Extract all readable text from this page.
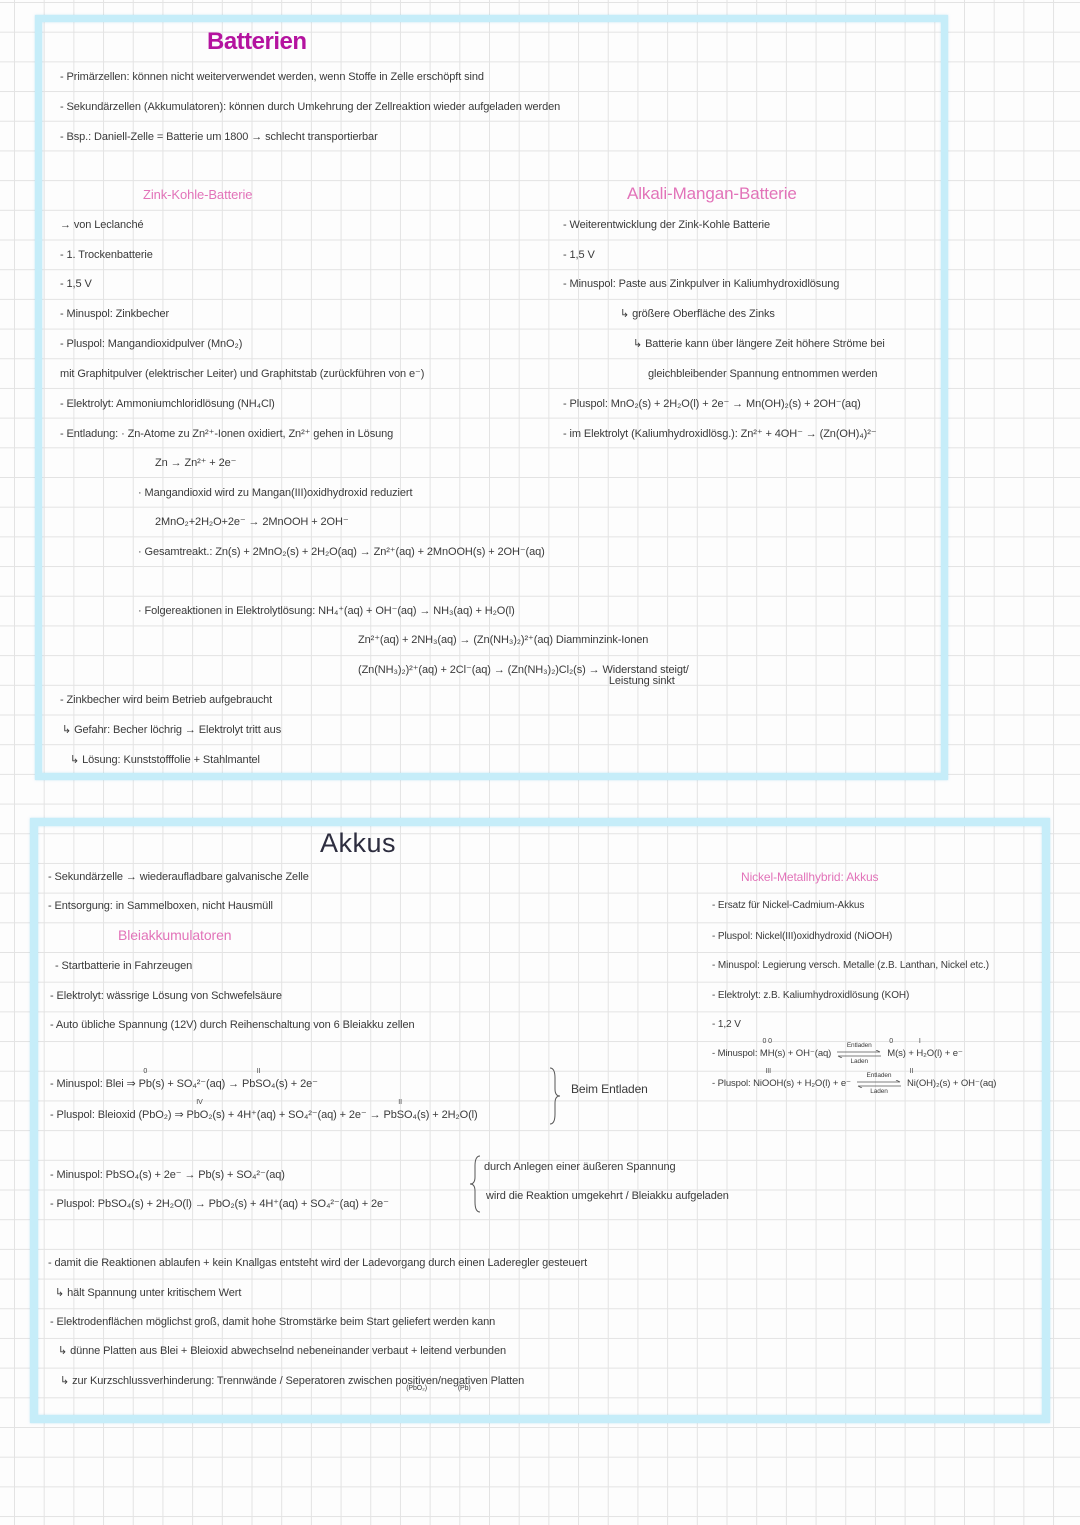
Batterien
- Primärzellen: können nicht weiterverwendet werden, wenn Stoffe in Zelle erschöpft sind
- Sekundärzellen (Akkumulatoren): können durch Umkehrung der Zellreaktion wieder aufgeladen werden
- Bsp.: Daniell-Zelle = Batterie um 1800 → schlecht transportierbar
Zink-Kohle-Batterie
→ von Leclanché
- 1. Trockenbatterie
- 1,5 V
- Minuspol: Zinkbecher
- Pluspol: Mangandioxidpulver (MnO₂)
mit Graphitpulver (elektrischer Leiter) und Graphitstab (zurückführen von e⁻)
- Elektrolyt: Ammoniumchloridlösung (NH₄Cl)
- Entladung: · Zn-Atome zu Zn²⁺-Ionen oxidiert, Zn²⁺ gehen in Lösung
Zn → Zn²⁺ + 2e⁻
· Mangandioxid wird zu Mangan(III)oxidhydroxid reduziert
2MnO₂+2H₂O+2e⁻ → 2MnOOH + 2OH⁻
· Gesamtreakt.: Zn(s) + 2MnO₂(s) + 2H₂O(aq) → Zn²⁺(aq) + 2MnOOH(s) + 2OH⁻(aq)
· Folgereaktionen in Elektrolytlösung: NH₄⁺(aq) + OH⁻(aq) → NH₃(aq) + H₂O(l)
Zn²⁺(aq) + 2NH₃(aq) → (Zn(NH₃)₂)²⁺(aq) Diamminzink-Ionen
(Zn(NH₃)₂)²⁺(aq) + 2Cl⁻(aq) → (Zn(NH₃)₂)Cl₂(s) → Widerstand steigt/
Leistung sinkt
- Zinkbecher wird beim Betrieb aufgebraucht
↳ Gefahr: Becher löchrig → Elektrolyt tritt aus
↳ Lösung: Kunststofffolie + Stahlmantel
Alkali-Mangan-Batterie
- Weiterentwicklung der Zink-Kohle Batterie
- 1,5 V
- Minuspol: Paste aus Zinkpulver in Kaliumhydroxidlösung
↳ größere Oberfläche des Zinks
↳ Batterie kann über längere Zeit höhere Ströme bei
gleichbleibender Spannung entnommen werden
- Pluspol: MnO₂(s) + 2H₂O(l) + 2e⁻ → Mn(OH)₂(s) + 2OH⁻(aq)
- im Elektrolyt (Kaliumhydroxidlösg.): Zn²⁺ + 4OH⁻ → (Zn(OH)₄)²⁻
Akkus
- Sekundärzelle → wiederaufladbare galvanische Zelle
- Entsorgung: in Sammelboxen, nicht Hausmüll
Bleiakkumulatoren
- Startbatterie in Fahrzeugen
- Elektrolyt: wässrige Lösung von Schwefelsäure
- Auto übliche Spannung (12V) durch Reihenschaltung von 6 Bleiakku zellen
- Minuspol: Blei ⇒ Pb
0
(s) + SO₄²⁻(aq) → PbSO₄
II
(s) + 2e⁻
- Pluspol: Bleioxid (PbO₂) ⇒ PbO₂
IV
(s) + 4H⁺(aq) + SO₄²⁻(aq) + 2e⁻ → PbSO₄
II
(s) + 2H₂O(l)
Beim Entladen
- Minuspol: PbSO₄(s) + 2e⁻ → Pb(s) + SO₄²⁻(aq)
- Pluspol: PbSO₄(s) + 2H₂O(l) → PbO₂(s) + 4H⁺(aq) + SO₄²⁻(aq) + 2e⁻
durch Anlegen einer äußeren Spannung
wird die Reaktion umgekehrt / Bleiakku aufgeladen
- damit die Reaktionen ablaufen + kein Knallgas entsteht wird der Ladevorgang durch einen Laderegler gesteuert
↳ hält Spannung unter kritischem Wert
- Elektrodenflächen möglichst groß, damit hohe Stromstärke beim Start geliefert werden kann
↳ dünne Platten aus Blei + Bleioxid abwechselnd nebeneinander verbaut + leitend verbunden
↳ zur Kurzschlussverhinderung: Trennwände / Seperatoren zwischen positiven
(PbO₂)
/ negativen
(Pb)
Platten
Nickel-Metallhybrid: Akkus
- Ersatz für Nickel-Cadmium-Akkus
- Pluspol: Nickel(III)oxidhydroxid (NiOOH)
- Minuspol: Legierung versch. Metalle (z.B. Lanthan, Nickel etc.)
- Elektrolyt: z.B. Kaliumhydroxidlösung (KOH)
- 1,2 V
- Minuspol: MH
0 0
(s) + OH⁻(aq)

Entladen

Laden

M
0
(s) + H
I
₂O(l) + e⁻
- Pluspol: NiOOH
III
(s) + H₂O(l) + e⁻

Entladen

Laden

Ni
II
(OH)₂(s) + OH⁻(aq)
